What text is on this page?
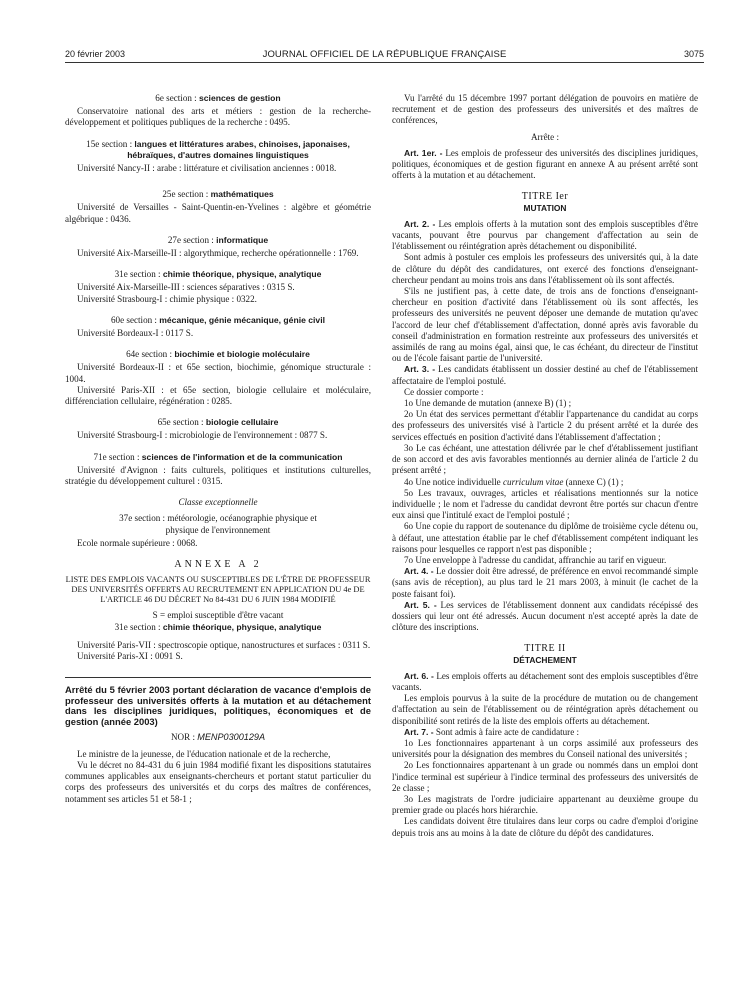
20 février 2003	JOURNAL OFFICIEL DE LA RÉPUBLIQUE FRANÇAISE	3075
6e section : sciences de gestion

Conservatoire national des arts et métiers : gestion de la recherche-développement et politiques publiques de la recherche : 0495.

15e section : langues et littératures arabes, chinoises, japonaises, hébraïques, d'autres domaines linguistiques

Université Nancy-II : arabe : littérature et civilisation anciennes : 0018.

25e section : mathématiques

Université de Versailles - Saint-Quentin-en-Yvelines : algèbre et géométrie algébrique : 0436.

27e section : informatique

Université Aix-Marseille-II : algorythmique, recherche opérationnelle : 1769.

31e section : chimie théorique, physique, analytique

Université Aix-Marseille-III : sciences séparatives : 0315 S.

Université Strasbourg-I : chimie physique : 0322.

60e section : mécanique, génie mécanique, génie civil

Université Bordeaux-I : 0117 S.

64e section : biochimie et biologie moléculaire

Université Bordeaux-II : et 65e section, biochimie, génomique structurale : 1004.

Université Paris-XII : et 65e section, biologie cellulaire et moléculaire, différenciation cellulaire, régénération : 0285.

65e section : biologie cellulaire

Université Strasbourg-I : microbiologie de l'environnement : 0877 S.

71e section : sciences de l'information et de la communication

Université d'Avignon : faits culturels, politiques et institutions culturelles, stratégie du développement culturel : 0315.

Classe exceptionnelle
37e section : météorologie, océanographie physique et physique de l'environnement

Ecole normale supérieure : 0068.

ANNEXE A 2
LISTE DES EMPLOIS VACANTS OU SUSCEPTIBLES DE L'ÊTRE DE PROFESSEUR DES UNIVERSITÉS OFFERTS AU RECRUTEMENT EN APPLICATION DU 4e DE L'ARTICLE 46 DU DÉCRET No 84-431 DU 6 JUIN 1984 MODIFIÉ
S = emploi susceptible d'être vacant
31e section : chimie théorique, physique, analytique

Université Paris-VII : spectroscopie optique, nanostructures et surfaces : 0311 S.

Université Paris-XI : 0091 S.

Arrêté du 5 février 2003 portant déclaration de vacance d'emplois de professeur des universités offerts à la mutation et au détachement dans les disciplines juridiques, politiques, économiques et de gestion (année 2003)
NOR : MENP0300129A

Le ministre de la jeunesse, de l'éducation nationale et de la recherche,

Vu le décret no 84-431 du 6 juin 1984 modifié fixant les dispositions statutaires communes applicables aux enseignants-chercheurs et portant statut particulier du corps des professeurs des universités et du corps des maîtres de conférences, notamment ses articles 51 et 58-1 ;

Vu l'arrêté du 15 décembre 1997 portant délégation de pouvoirs en matière de recrutement et de gestion des professeurs des universités et des maîtres de conférences,

Arrête :

Art. 1er. - Les emplois de professeur des universités des disciplines juridiques, politiques, économiques et de gestion figurant en annexe A au présent arrêté sont offerts à la mutation et au détachement.

TITRE Ier
MUTATION

Art. 2. - Les emplois offerts à la mutation sont des emplois susceptibles d'être vacants, pouvant être pourvus par changement d'affectation au sein de l'établissement ou réintégration après détachement ou disponibilité.

Sont admis à postuler ces emplois les professeurs des universités qui, à la date de clôture du dépôt des candidatures, ont exercé des fonctions d'enseignant-chercheur pendant au moins trois ans dans l'établissement où ils sont affectés.

S'ils ne justifient pas, à cette date, de trois ans de fonctions d'enseignant-chercheur en position d'activité dans l'établissement où ils sont affectés, les professeurs des universités ne peuvent déposer une demande de mutation qu'avec l'accord de leur chef d'établissement d'affectation, donné après avis favorable du conseil d'administration en formation restreinte aux professeurs des universités et assimilés de rang au moins égal, ainsi que, le cas échéant, du directeur de l'institut ou de l'école faisant partie de l'université.

Art. 3. - Les candidats établissent un dossier destiné au chef de l'établissement affectataire de l'emploi postulé.

Ce dossier comporte :

1o Une demande de mutation (annexe B) (1) ;

2o Un état des services permettant d'établir l'appartenance du candidat au corps des professeurs des universités visé à l'article 2 du présent arrêté et la durée des services effectués en position d'activité dans l'établissement d'affectation ;

3o Le cas échéant, une attestation délivrée par le chef d'établissement justifiant de son accord et des avis favorables mentionnés au dernier alinéa de l'article 2 du présent arrêté ;

4o Une notice individuelle curriculum vitae (annexe C) (1) ;

5o Les travaux, ouvrages, articles et réalisations mentionnés sur la notice individuelle ; le nom et l'adresse du candidat devront être portés sur chacun d'entre eux ainsi que l'intitulé exact de l'emploi postulé ;

6o Une copie du rapport de soutenance du diplôme de troisième cycle détenu ou, à défaut, une attestation établie par le chef d'établissement compétent indiquant les raisons pour lesquelles ce rapport n'est pas disponible ;

7o Une enveloppe à l'adresse du candidat, affranchie au tarif en vigueur.

Art. 4. - Le dossier doit être adressé, de préférence en envoi recommandé simple (sans avis de réception), au plus tard le 21 mars 2003, à minuit (le cachet de la poste faisant foi).

Art. 5. - Les services de l'établissement donnent aux candidats récépissé des dossiers qui leur ont été adressés. Aucun document n'est accepté après la date de clôture des inscriptions.

TITRE II
DÉTACHEMENT

Art. 6. - Les emplois offerts au détachement sont des emplois susceptibles d'être vacants.

Les emplois pourvus à la suite de la procédure de mutation ou de changement d'affectation au sein de l'établissement ou de réintégration après détachement ou disponibilité sont retirés de la liste des emplois offerts au détachement.

Art. 7. - Sont admis à faire acte de candidature :

1o Les fonctionnaires appartenant à un corps assimilé aux professeurs des universités pour la désignation des membres du Conseil national des universités ;

2o Les fonctionnaires appartenant à un grade ou nommés dans un emploi dont l'indice terminal est supérieur à l'indice terminal des professeurs des universités de 2e classe ;

3o Les magistrats de l'ordre judiciaire appartenant au deuxième groupe du premier grade ou placés hors hiérarchie.

Les candidats doivent être titulaires dans leur corps ou cadre d'emploi d'origine depuis trois ans au moins à la date de clôture du dépôt des candidatures.
